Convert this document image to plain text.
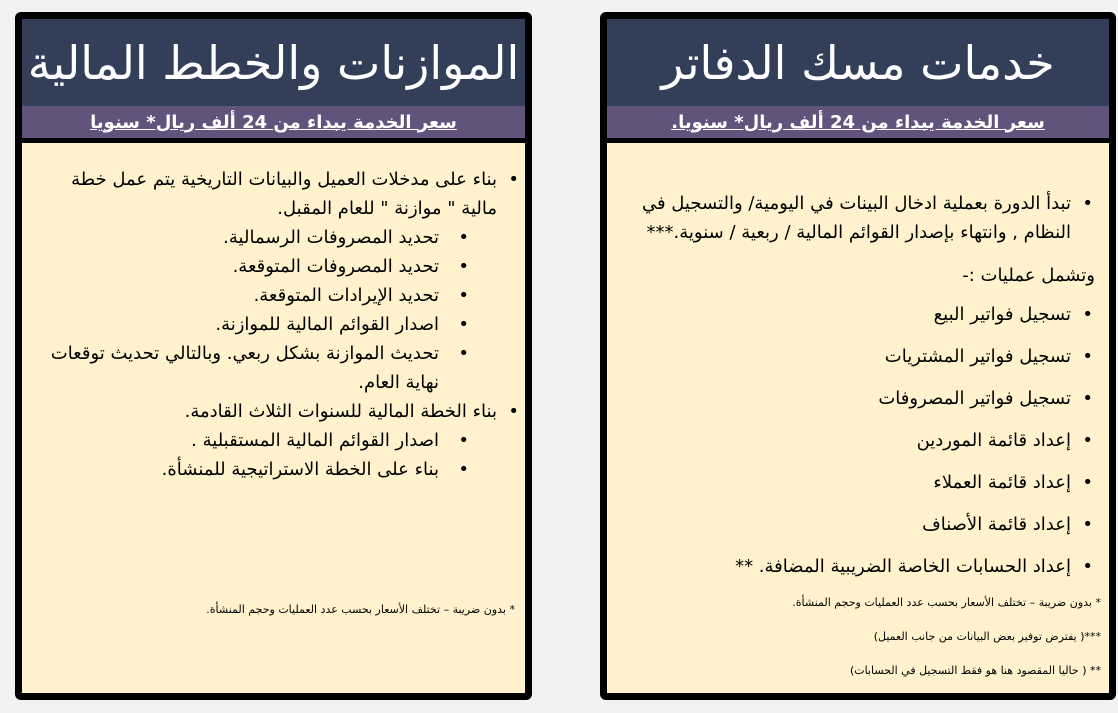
الموازنات والخطط المالية
سعر الخدمة يبداء من 24 ألف ريال* سنويا
•
بناء على مدخلات العميل والبيانات التاريخية يتم عمل خطة مالية " موازنة " للعام المقبل.
•
تحديد المصروفات الرسمالية.
•
تحديد المصروفات المتوقعة.
•
تحديد الإيرادات المتوقعة.
•
اصدار القوائم المالية للموازنة.
•
تحديث الموازنة بشكل ربعي. وبالتالي تحديث توقعات نهاية العام.
•
بناء الخطة المالية للسنوات الثلاث القادمة.
•
اصدار القوائم المالية المستقبلية .
•
بناء على الخطة الاستراتيجية للمنشأة.
* بدون ضريبة – تختلف الأسعار بحسب عدد العمليات وحجم المنشأة.
خدمات مسك الدفاتر
سعر الخدمة يبداء من 24 ألف ريال* سنويا.
•
تبدأ الدورة بعملية ادخال البينات في اليومية/ والتسجيل في النظام , وانتهاء بإصدار القوائم المالية / ربعية / سنوية.***
وتشمل عمليات :-
•
تسجيل فواتير البيع
•
تسجيل فواتير المشتريات
•
تسجيل فواتير المصروفات
•
إعداد قائمة الموردين
•
إعداد قائمة العملاء
•
إعداد قائمة الأصناف
•
إعداد الحسابات الخاصة الضريبية المضافة. **
* بدون ضريبة – تختلف الأسعار بحسب عدد العمليات وحجم المنشأة.
***( يفترض توفير بعض البيانات من جانب العميل)
** ( حاليا المقصود هنا هو فقط التسجيل في الحسابات)
